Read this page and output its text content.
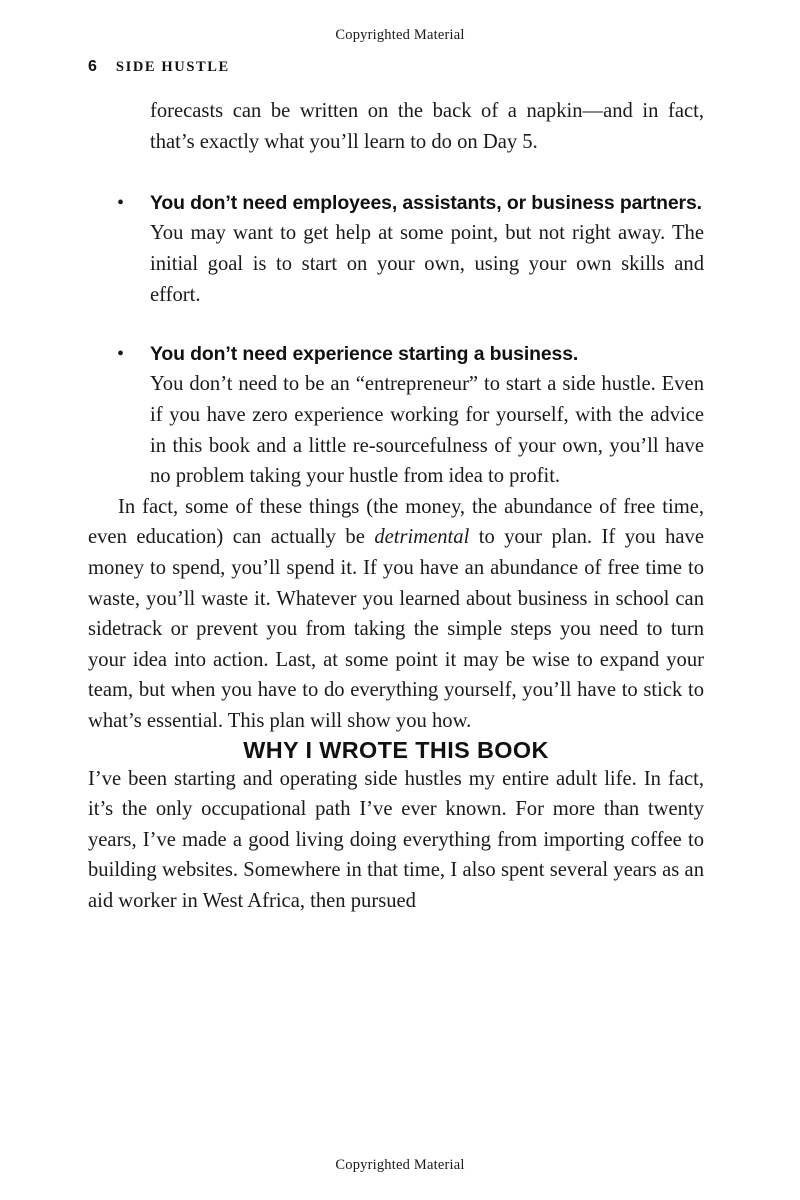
Copyrighted Material
6 SIDE HUSTLE

forecasts can be written on the back of a napkin—and in fact, that’s exactly what you’ll learn to do on Day 5.

• You don’t need employees, assistants, or business partners.

You may want to get help at some point, but not right away. The initial goal is to start on your own, using your own skills and effort.

• You don’t need experience starting a business.

You don’t need to be an “entrepreneur” to start a side hustle. Even if you have zero experience working for yourself, with the advice in this book and a little re-sourcefulness of your own, you’ll have no problem taking your hustle from idea to profit.

In fact, some of these things (the money, the abundance of free time, even education) can actually be detrimental to your plan. If you have money to spend, you’ll spend it. If you have an abundance of free time to waste, you’ll waste it. Whatever you learned about business in school can sidetrack or prevent you from taking the simple steps you need to turn your idea into action. Last, at some point it may be wise to expand your team, but when you have to do everything yourself, you’ll have to stick to what’s essential. This plan will show you how.

WHY I WROTE THIS BOOK

I’ve been starting and operating side hustles my entire adult life. In fact, it’s the only occupational path I’ve ever known. For more than twenty years, I’ve made a good living doing everything from importing coffee to building websites. Somewhere in that time, I also spent several years as an aid worker in West Africa, then pursued

Copyrighted Material
